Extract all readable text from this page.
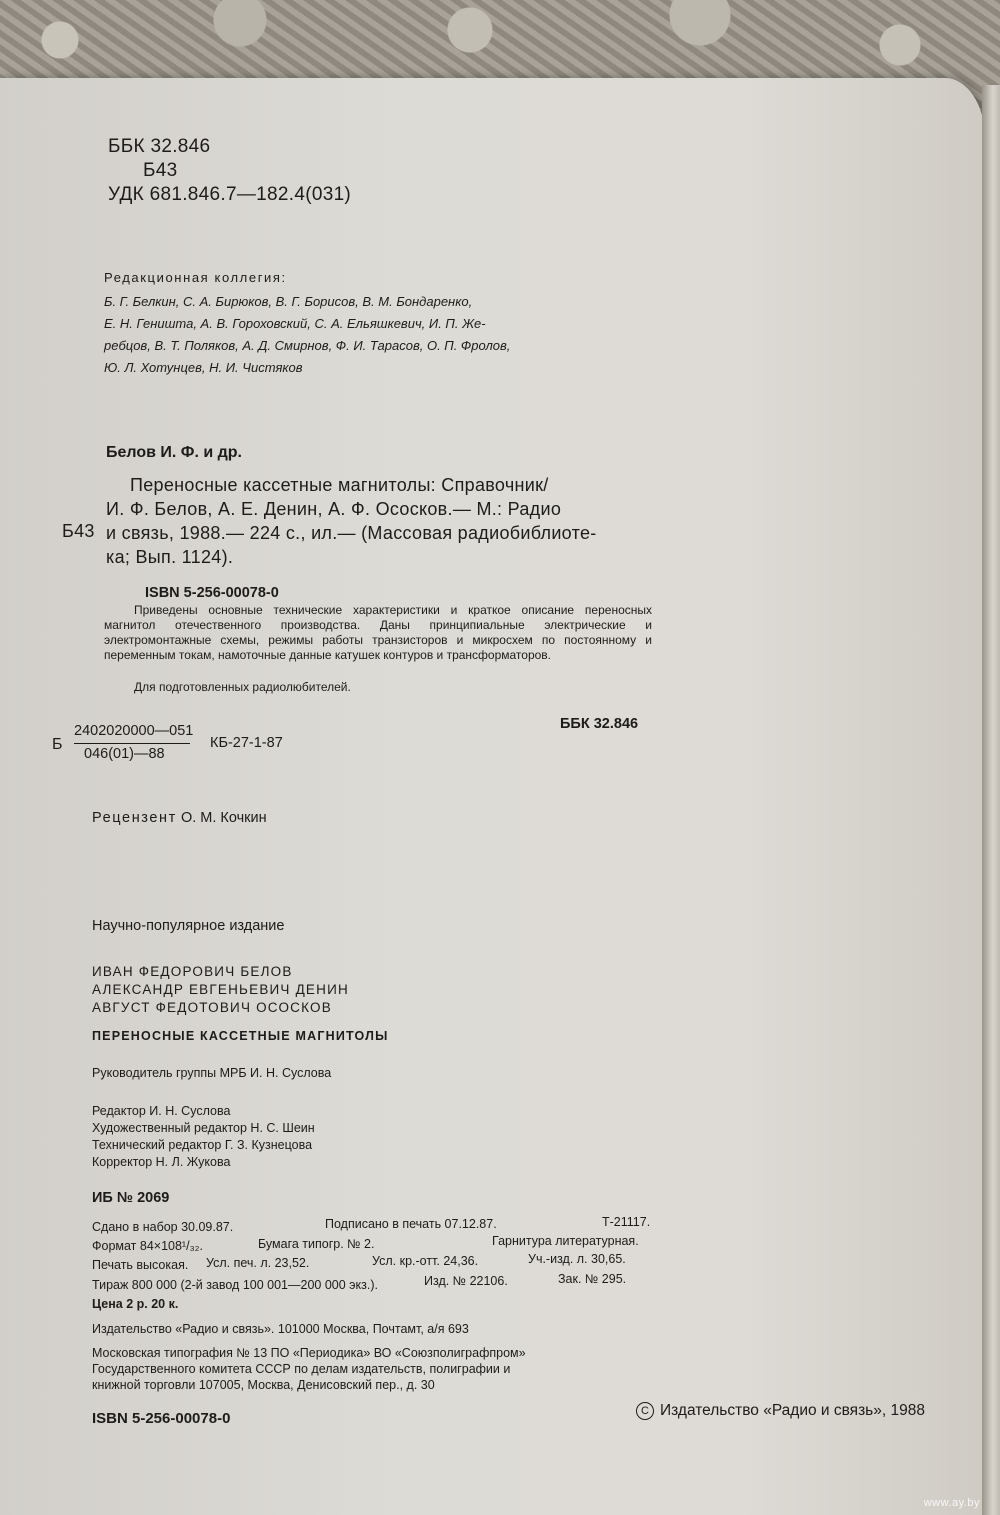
ББК 32.846
Б43
УДК 681.846.7—182.4(031)
Редакционная коллегия:
Б. Г. Белкин, С. А. Бирюков, В. Г. Борисов, В. М. Бондаренко,
Е. Н. Геништа, А. В. Гороховский, С. А. Ельяшкевич, И. П. Же-
ребцов, В. Т. Поляков, А. Д. Смирнов, Ф. И. Тарасов, О. П. Фролов,
Ю. Л. Хотунцев, Н. И. Чистяков
Белов И. Ф. и др.
Б43
Переносные кассетные магнитолы: Справочник/
И. Ф. Белов, А. Е. Денин, А. Ф. Ососков.— М.: Радио
и связь, 1988.— 224 с., ил.— (Массовая радиобиблиоте-
ка; Вып. 1124).
ISBN 5-256-00078-0
Приведены основные технические характеристики и краткое описание переносных магнитол отечественного производства. Даны принципиальные электрические и электромонтажные схемы, режимы работы транзисторов и микросхем по постоянному и переменным токам, намоточные данные катушек контуров и трансформаторов.
Для подготовленных радиолюбителей.
Б
2402020000—051
046(01)—88
КБ-27-1-87
ББК 32.846
Рецензент О. М. Кочкин
Научно-популярное издание
ИВАН ФЕДОРОВИЧ БЕЛОВ
АЛЕКСАНДР ЕВГЕНЬЕВИЧ ДЕНИН
АВГУСТ ФЕДОТОВИЧ ОСОСКОВ
ПЕРЕНОСНЫЕ КАССЕТНЫЕ МАГНИТОЛЫ
Руководитель группы МРБ И. Н. Суслова
Редактор И. Н. Суслова
Художественный редактор Н. С. Шеин
Технический редактор Г. З. Кузнецова
Корректор Н. Л. Жукова
ИБ № 2069
Сдано в набор 30.09.87.	Подписано в печать 07.12.87.	Т-21117.
Формат 84×108¹/₃₂.	Бумага типогр. № 2.	Гарнитура литературная.
Печать высокая. Усл. печ. л. 23,52.	Усл. кр.-отт. 24,36.	Уч.-изд. л. 30,65.
Тираж 800 000 (2-й завод 100 001—200 000 экз.).	Изд. № 22106.	Зак. № 295.
Цена 2 р. 20 к.
Издательство «Радио и связь». 101000 Москва, Почтамт, а/я 693
Московская типография № 13 ПО «Периодика» ВО «Союзполиграфпром»
Государственного комитета СССР по делам издательств, полиграфии и
книжной торговли 107005, Москва, Денисовский пер., д. 30
ISBN 5-256-00078-0	C Издательство «Радио и связь», 1988
www.ay.by
